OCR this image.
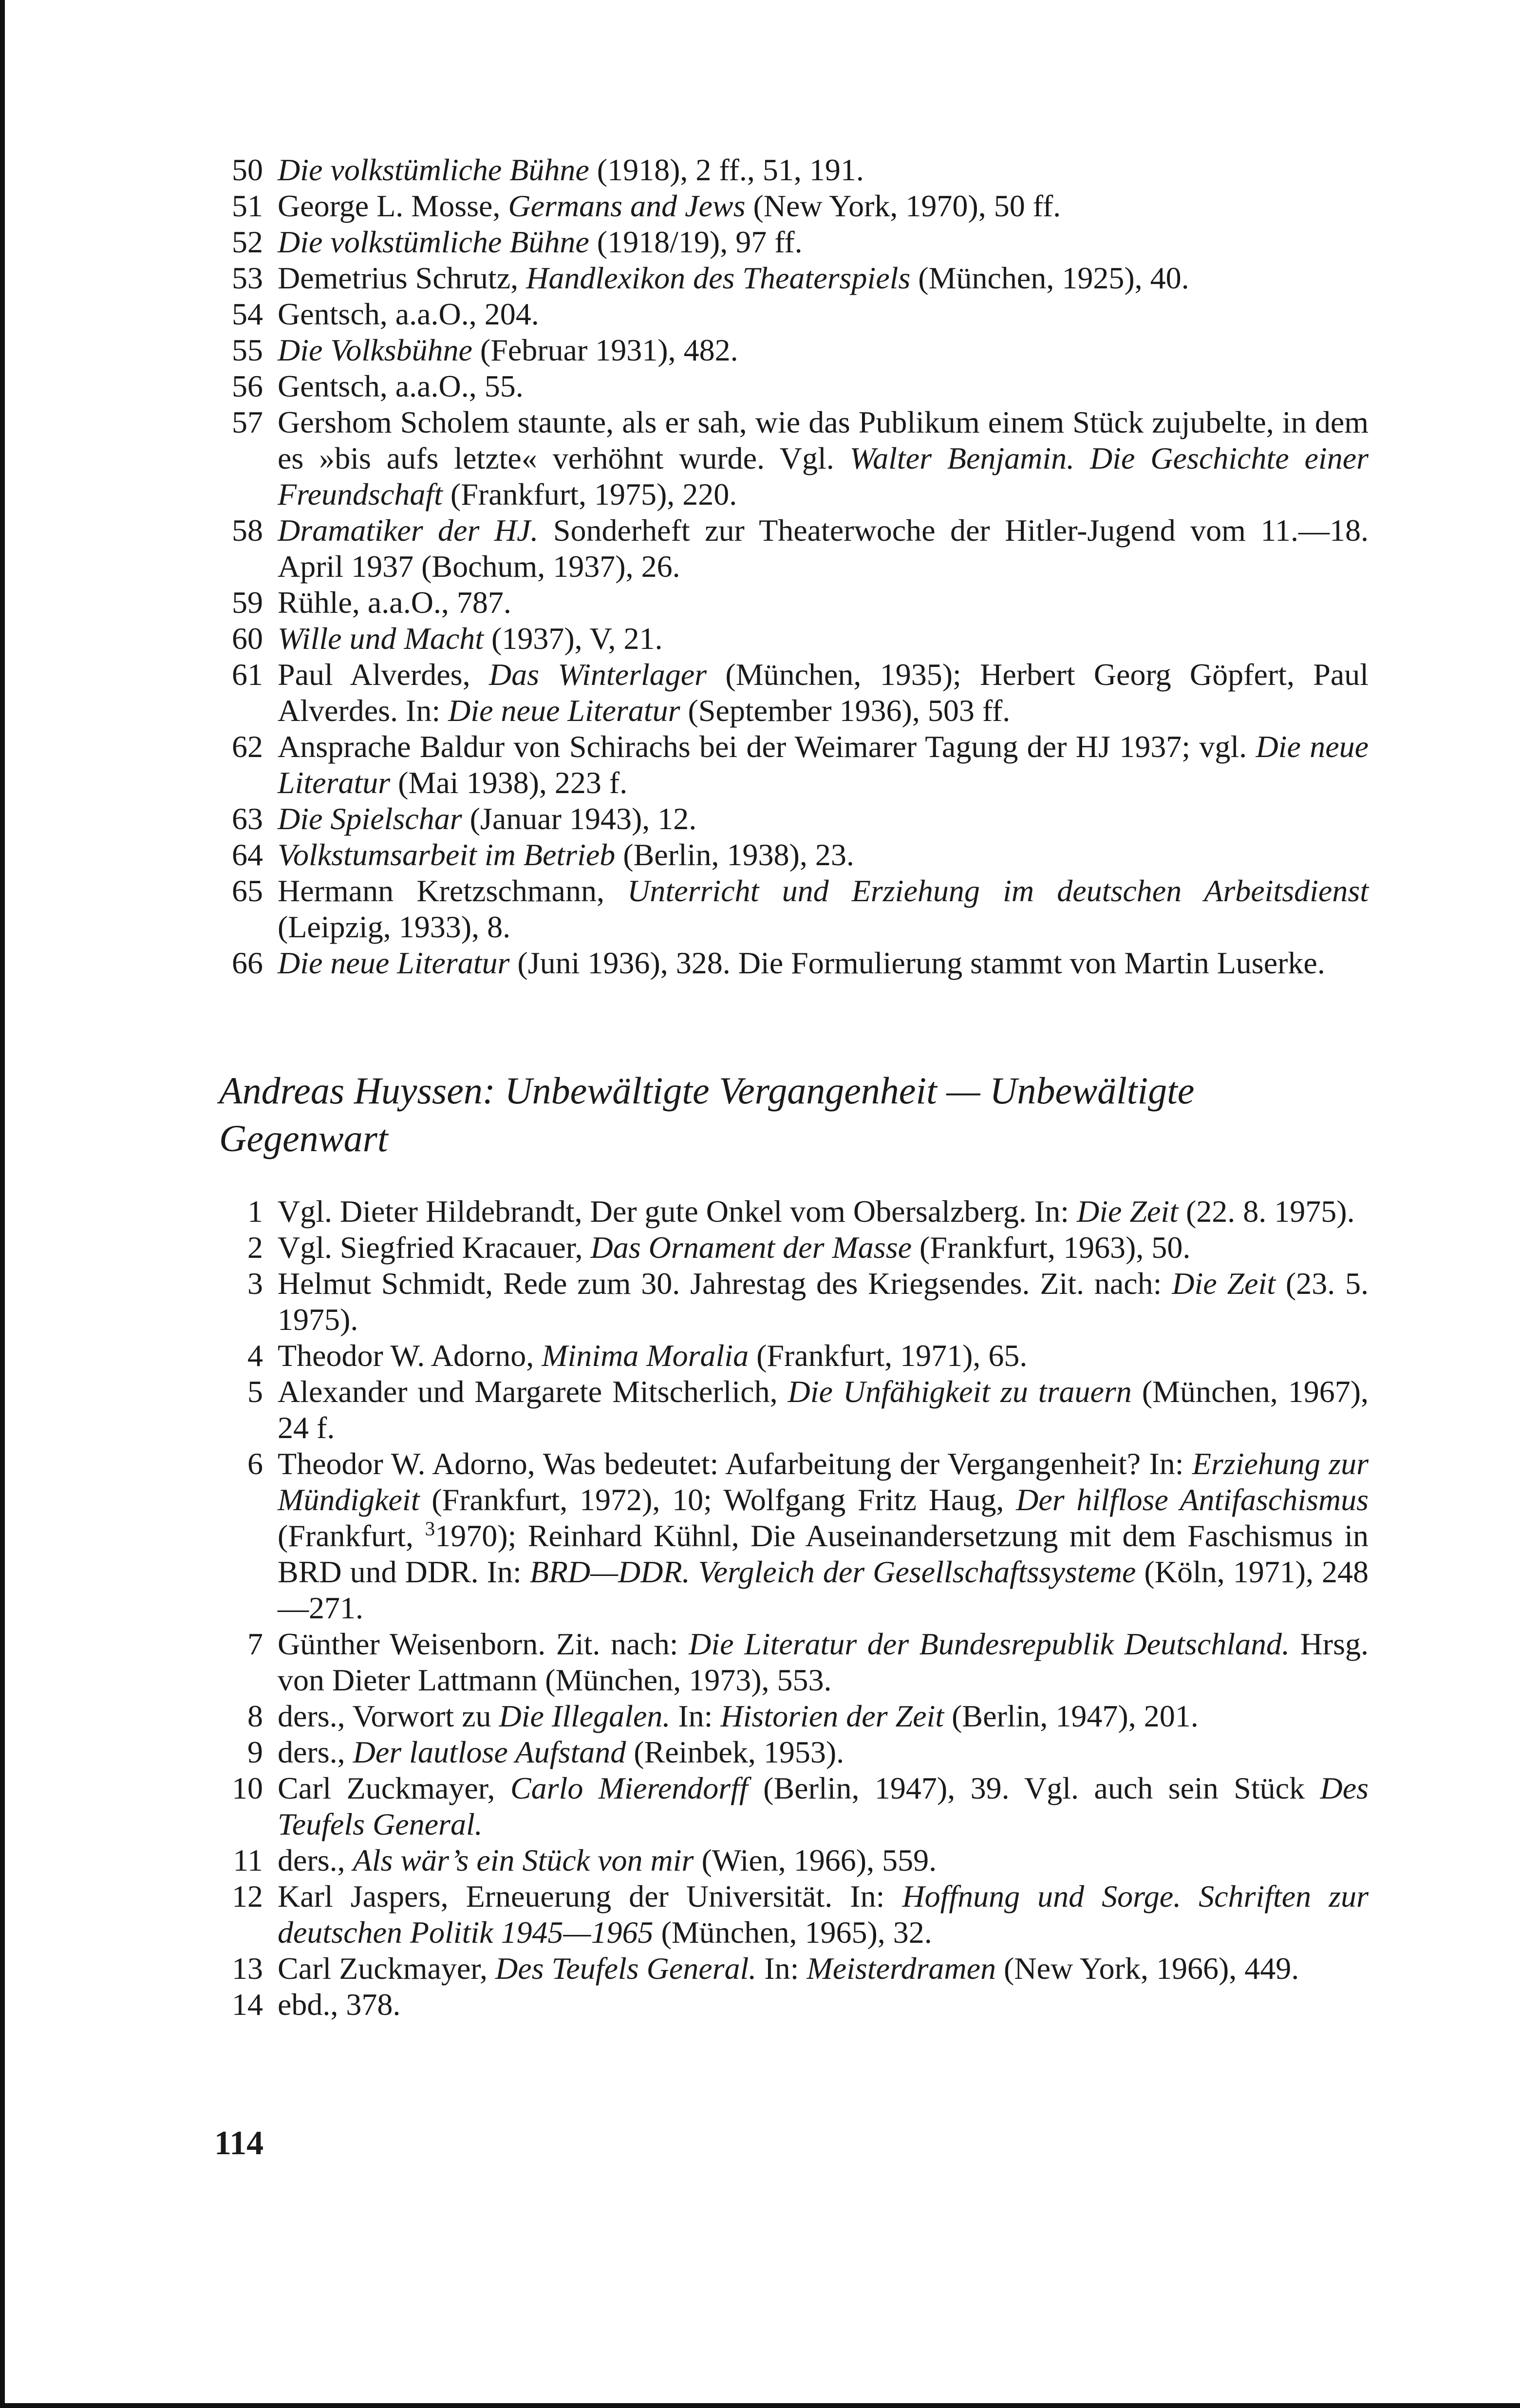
50 Die volkstümliche Bühne (1918), 2 ff., 51, 191.
51 George L. Mosse, Germans and Jews (New York, 1970), 50 ff.
52 Die volkstümliche Bühne (1918/19), 97 ff.
53 Demetrius Schrutz, Handlexikon des Theaterspiels (München, 1925), 40.
54 Gentsch, a.a.O., 204.
55 Die Volksbühne (Februar 1931), 482.
56 Gentsch, a.a.O., 55.
57 Gershom Scholem staunte, als er sah, wie das Publikum einem Stück zujubelte, in dem es »bis aufs letzte« verhöhnt wurde. Vgl. Walter Benjamin. Die Geschichte einer Freundschaft (Frankfurt, 1975), 220.
58 Dramatiker der HJ. Sonderheft zur Theaterwoche der Hitler-Jugend vom 11.—18. April 1937 (Bochum, 1937), 26.
59 Rühle, a.a.O., 787.
60 Wille und Macht (1937), V, 21.
61 Paul Alverdes, Das Winterlager (München, 1935); Herbert Georg Göpfert, Paul Alverdes. In: Die neue Literatur (September 1936), 503 ff.
62 Ansprache Baldur von Schirachs bei der Weimarer Tagung der HJ 1937; vgl. Die neue Literatur (Mai 1938), 223 f.
63 Die Spielschar (Januar 1943), 12.
64 Volkstumsarbeit im Betrieb (Berlin, 1938), 23.
65 Hermann Kretzschmann, Unterricht und Erziehung im deutschen Arbeitsdienst (Leipzig, 1933), 8.
66 Die neue Literatur (Juni 1936), 328. Die Formulierung stammt von Martin Luserke.
Andreas Huyssen: Unbewältigte Vergangenheit — Unbewältigte
Gegenwart
1 Vgl. Dieter Hildebrandt, Der gute Onkel vom Obersalzberg. In: Die Zeit (22. 8. 1975).
2 Vgl. Siegfried Kracauer, Das Ornament der Masse (Frankfurt, 1963), 50.
3 Helmut Schmidt, Rede zum 30. Jahrestag des Kriegsendes. Zit. nach: Die Zeit (23. 5. 1975).
4 Theodor W. Adorno, Minima Moralia (Frankfurt, 1971), 65.
5 Alexander und Margarete Mitscherlich, Die Unfähigkeit zu trauern (München, 1967), 24 f.
6 Theodor W. Adorno, Was bedeutet: Aufarbeitung der Vergangenheit? In: Erziehung zur Mündigkeit (Frankfurt, 1972), 10; Wolfgang Fritz Haug, Der hilflose Antifaschismus (Frankfurt, $^3$1970); Reinhard Kühnl, Die Auseinandersetzung mit dem Faschismus in BRD und DDR. In: BRD—DDR. Vergleich der Gesellschaftssysteme (Köln, 1971), 248—271.
7 Günther Weisenborn. Zit. nach: Die Literatur der Bundesrepublik Deutschland. Hrsg. von Dieter Lattmann (München, 1973), 553.
8 ders., Vorwort zu Die Illegalen. In: Historien der Zeit (Berlin, 1947), 201.
9 ders., Der lautlose Aufstand (Reinbek, 1953).
10 Carl Zuckmayer, Carlo Mierendorff (Berlin, 1947), 39. Vgl. auch sein Stück Des Teufels General.
11 ders., Als wär’s ein Stück von mir (Wien, 1966), 559.
12 Karl Jaspers, Erneuerung der Universität. In: Hoffnung und Sorge. Schriften zur deutschen Politik 1945—1965 (München, 1965), 32.
13 Carl Zuckmayer, Des Teufels General. In: Meisterdramen (New York, 1966), 449.
14 ebd., 378.
114
